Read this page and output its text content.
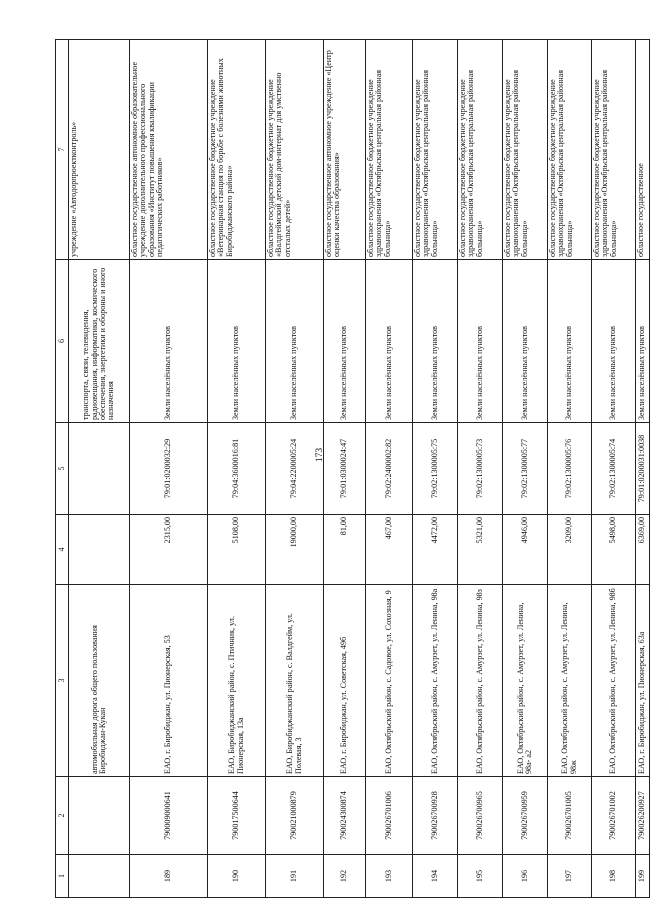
173
1	2	3	4	5	6	7
		автомобильная дорога общего пользования Биробиджан-Кукан			транспорта, связи, телевидения, радиовещания, информатики, космического обеспечения, энергетики и обороны и иного назначения	учреждение «Автодорпроектконтроль»
189	790009000641	ЕАО, г. Биробиджан, ул. Пионерская, 53	2315,00	79:01:0200032:29	Земли населённых пунктов	областное государственное автономное образовательное учреждение дополнительного профессионального образования «Институт повышения квалификации педагогических работников»
190	790017500644	ЕАО, Биробиджанский район, с. Птичник, ул. Пионерская, 13а	5108,00	79:04:3600016:81	Земли населённых пунктов	областное государственное бюджетное учреждение «Ветеринарная станция по борьбе с болезнями животных Биробиджанского района»
191	790021000879	ЕАО, Биробиджанский район, с. Валдгейм, ул. Полевая, 3	19000,00	79:04:2200005:24	Земли населённых пунктов	областное государственное бюджетное учреждение «Валдгеймский детский дом-интернат для умственно отсталых детей»
192	790024300874	ЕАО, г. Биробиджан, ул. Советская, 49б	81,00	79:01:0300024:47	Земли населённых пунктов	областное государственное автономное учреждение «Центр оценки качества образования»
193	790026701006	ЕАО, Октябрьский район, с. Садовое, ул. Сохозная, 9	467,00	79:02:2400002:82	Земли населённых пунктов	областное государственное бюджетное учреждение здравоохранения «Октябрьская центральная районная больница»
194	790026700928	ЕАО, Октябрьский район, с. Амурзет, ул. Ленина, 98а	4472,00	79:02:1300005:75	Земли населённых пунктов	областное государственное бюджетное учреждение здравоохранения «Октябрьская центральная районная больница»
195	790026700965	ЕАО, Октябрьский район, с. Амурзет, ул. Ленина, 98з	5321,00	79:02:1300005:73	Земли населённых пунктов	областное государственное бюджетное учреждение здравоохранения «Октябрьская центральная районная больница»
196	790026700959	ЕАО, Октябрьский район, с. Амурзет, ул. Ленина, 98а- а2	4946,00	79:02:1300005:77	Земли населённых пунктов	областное государственное бюджетное учреждение здравоохранения «Октябрьская центральная районная больница»
197	790026701005	ЕАО, Октябрьский район, с. Амурзет, ул. Ленина, 98ж	3209,00	79:02:1300005:76	Земли населённых пунктов	областное государственное бюджетное учреждение здравоохранения «Октябрьская центральная районная больница»
198	790026701002	ЕАО, Октябрьский район, с. Амурзет, ул. Ленина, 98б	5498,00	79:02:1300005:74	Земли населённых пунктов	областное государственное бюджетное учреждение здравоохранения «Октябрьская центральная районная больница»
199	790026200927	ЕАО, г. Биробиджан, ул. Пионерская, 63а	6369,00	79:01:0200031:0038	Земли населённых пунктов	областное государственное
